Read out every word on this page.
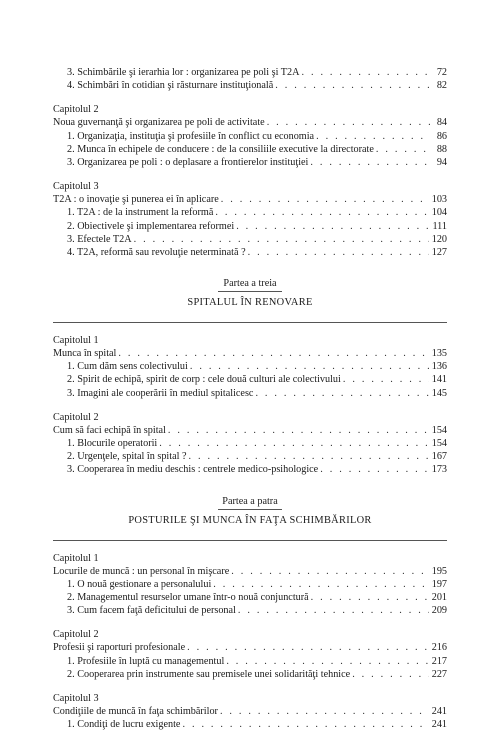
3. Schimbările şi ierarhia lor : organizarea pe poli şi T2A . . .	72
4. Schimbări în cotidian şi răsturnare instituţională . . .	82
Capitolul 2
Noua guvernanţă şi organizarea pe poli de activitate . . .	84
1. Organizaţia, instituţia şi profesiile în conflict cu economia . . .	86
2. Munca în echipele de conducere : de la consiliile executive la directorate . . .	88
3. Organizarea pe poli : o deplasare a frontierelor instituţiei . . .	94
Capitolul 3
T2A : o inovaţie şi punerea ei în aplicare . . .	103
1. T2A : de la instrument la reformă . . .	104
2. Obiectivele şi implementarea reformei . . .	111
3. Efectele T2A . . .	120
4. T2A, reformă sau revoluţie neterminată ? . . .	127
Partea a treia
SPITALUL ÎN RENOVARE
Capitolul 1
Munca în spital . . .	135
1. Cum dăm sens colectivului . . .	136
2. Spirit de echipă, spirit de corp : cele două culturi ale colectivului . . .	141
3. Imagini ale cooperării în mediul spitalicesc . . .	145
Capitolul 2
Cum să faci echipă în spital . . .	154
1. Blocurile operatorii . . .	154
2. Urgenţele, spital în spital ? . . .	167
3. Cooperarea în mediu deschis : centrele medico-psihologice . . .	173
Partea a patra
POSTURILE ŞI MUNCA ÎN FAŢA SCHIMBĂRILOR
Capitolul 1
Locurile de muncă : un personal în mişcare . . .	195
1. O nouă gestionare a personalului . . .	197
2. Managementul resurselor umane într-o nouă conjunctură . . .	201
3. Cum facem faţă deficitului de personal . . .	209
Capitolul 2
Profesii şi raporturi profesionale . . .	216
1. Profesiile în luptă cu managementul . . .	217
2. Cooperarea prin instrumente sau premisele unei solidarităţi tehnice . . .	227
Capitolul 3
Condiţiile de muncă în faţa schimbărilor . . .	241
1. Condiţi de lucru exigente . . .	241
